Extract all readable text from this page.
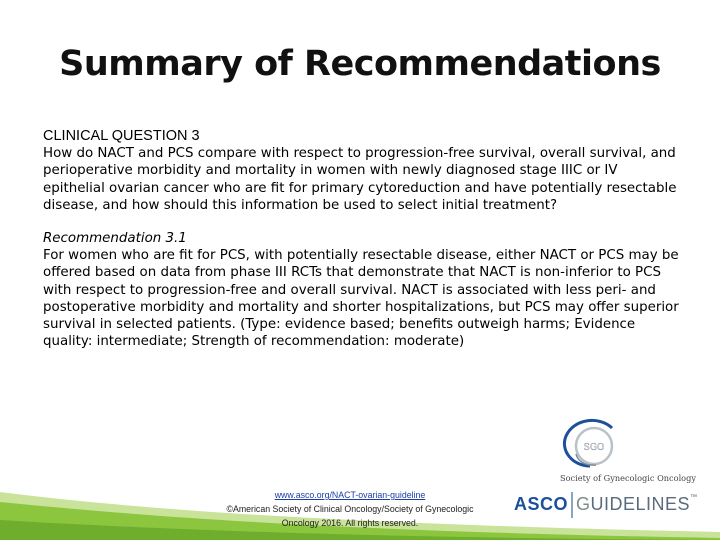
Summary of Recommendations
CLINICAL QUESTION 3

How do NACT and PCS compare with respect to progression-free survival, overall survival, and perioperative morbidity and mortality in women with newly diagnosed stage IIIC or IV epithelial ovarian cancer who are fit for primary cytoreduction and have potentially resectable disease, and how should this information be used to select initial treatment?

Recommendation 3.1

For women who are fit for PCS, with potentially resectable disease, either NACT or PCS may be offered based on data from phase III RCTs that demonstrate that NACT is non-inferior to PCS with respect to progression-free and overall survival. NACT is associated with less peri- and postoperative morbidity and mortality and shorter hospitalizations, but PCS may offer superior survival in selected patients. (Type: evidence based; benefits outweigh harms; Evidence quality: intermediate; Strength of recommendation: moderate)

SGO
Society of Gynecologic Oncology
ASCO GUIDELINES™
www.asco.org/NACT-ovarian-guideline
©American Society of Clinical Oncology/Society of Gynecologic
Oncology 2016. All rights reserved.
